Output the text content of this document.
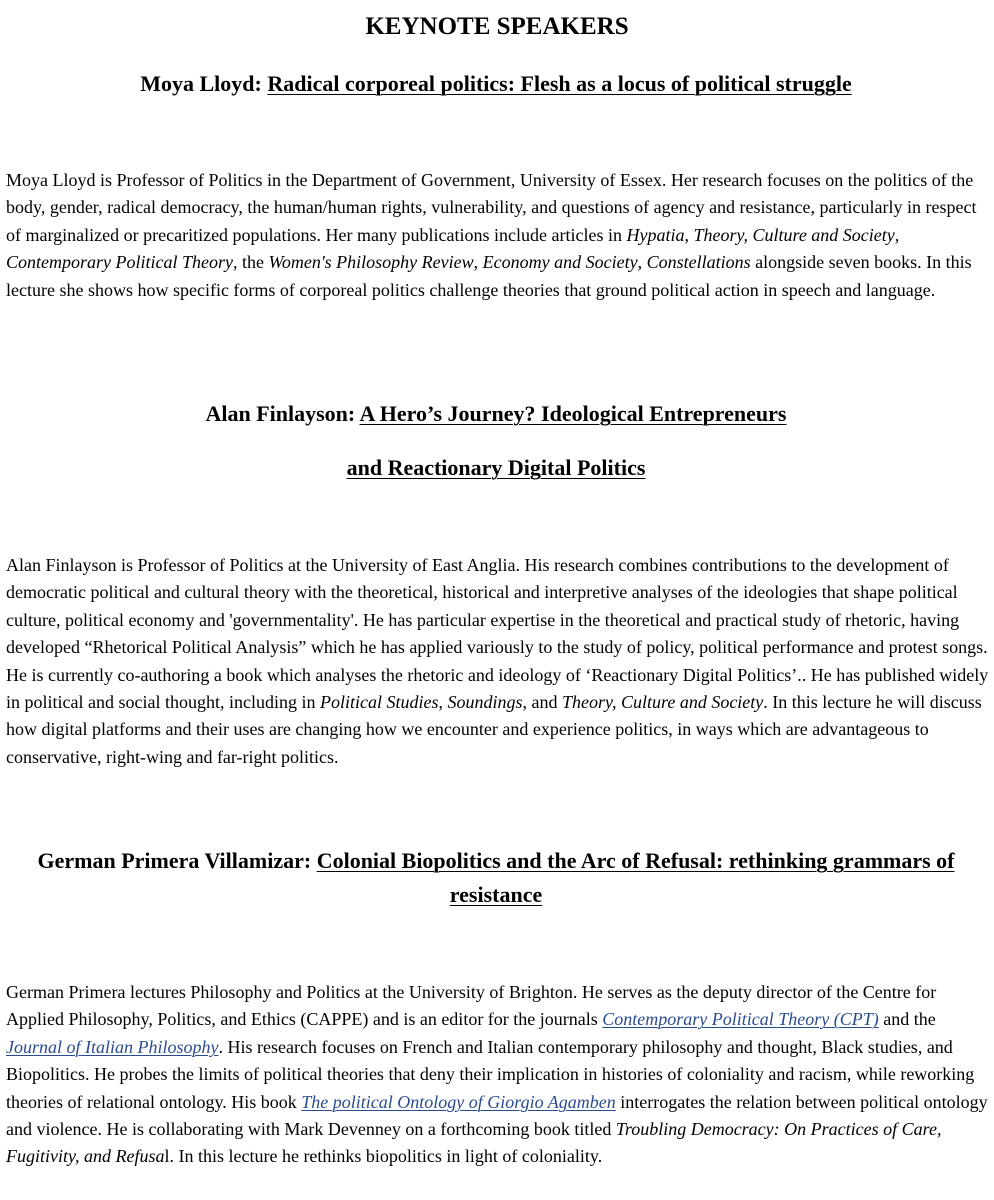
KEYNOTE SPEAKERS
Moya Lloyd: Radical corporeal politics: Flesh as a locus of political struggle

Moya Lloyd is Professor of Politics in the Department of Government, University of Essex. Her research focuses on the politics of the body, gender, radical democracy, the human/human rights, vulnerability, and questions of agency and resistance, particularly in respect of marginalized or precaritized populations. Her many publications include articles in Hypatia, Theory, Culture and Society, Contemporary Political Theory, the Women's Philosophy Review, Economy and Society, Constellations alongside seven books. In this lecture she shows how specific forms of corporeal politics challenge theories that ground political action in speech and language.

Alan Finlayson: A Hero’s Journey? Ideological Entrepreneurs
and Reactionary Digital Politics

Alan Finlayson is Professor of Politics at the University of East Anglia. His research combines contributions to the development of democratic political and cultural theory with the theoretical, historical and interpretive analyses of the ideologies that shape political culture, political economy and 'governmentality'. He has particular expertise in the theoretical and practical study of rhetoric, having developed “Rhetorical Political Analysis” which he has applied variously to the study of policy, political performance and protest songs. He is currently co-authoring a book which analyses the rhetoric and ideology of ‘Reactionary Digital Politics’.. He has published widely in political and social thought, including in Political Studies, Soundings, and Theory, Culture and Society. In this lecture he will discuss how digital platforms and their uses are changing how we encounter and experience politics, in ways which are advantageous to conservative, right-wing and far-right politics.

German Primera Villamizar: Colonial Biopolitics and the Arc of Refusal: rethinking grammars of resistance

German Primera lectures Philosophy and Politics at the University of Brighton. He serves as the deputy director of the Centre for Applied Philosophy, Politics, and Ethics (CAPPE) and is an editor for the journals Contemporary Political Theory (CPT) and the Journal of Italian Philosophy. His research focuses on French and Italian contemporary philosophy and thought, Black studies, and Biopolitics. He probes the limits of political theories that deny their implication in histories of coloniality and racism, while reworking theories of relational ontology. His book The political Ontology of Giorgio Agamben interrogates the relation between political ontology and violence. He is collaborating with Mark Devenney on a forthcoming book titled Troubling Democracy: On Practices of Care, Fugitivity, and Refusal. In this lecture he rethinks biopolitics in light of coloniality.
